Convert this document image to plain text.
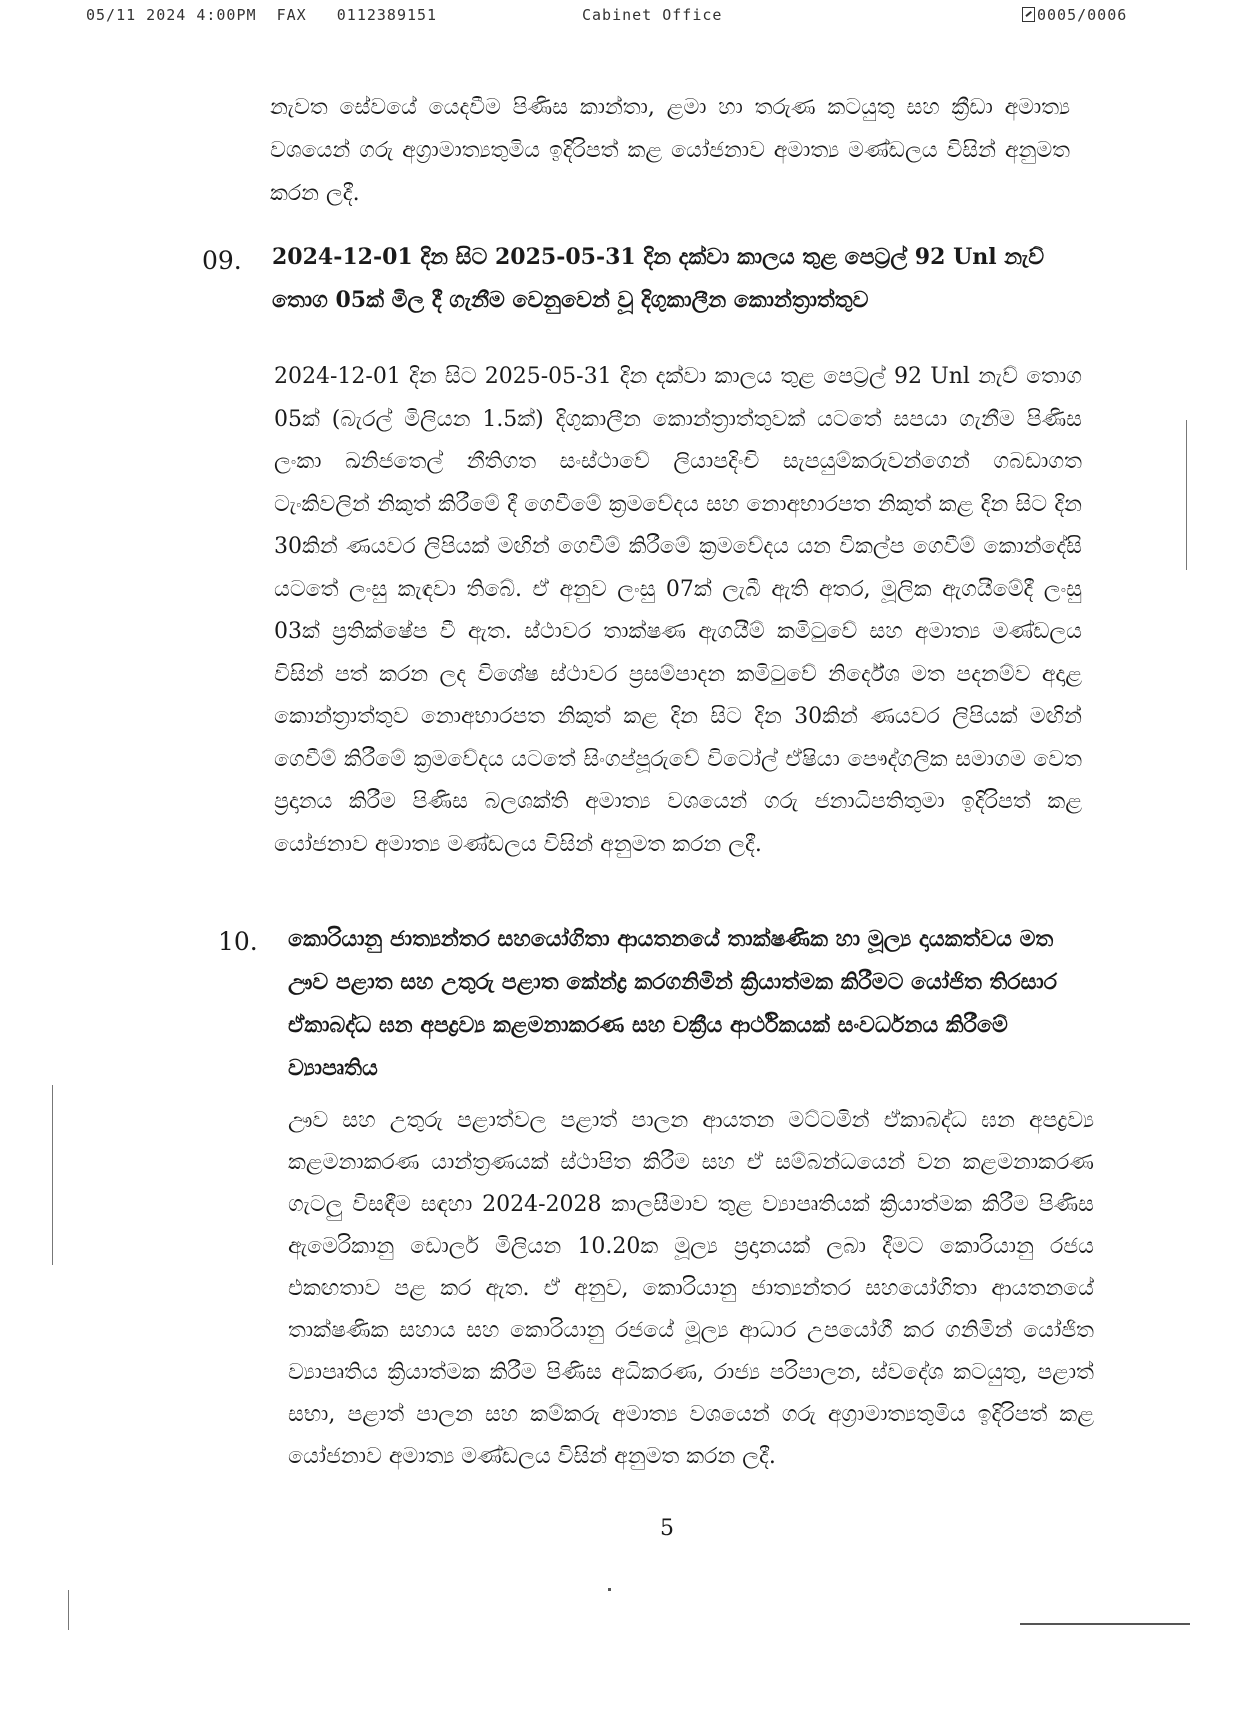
05/11 2024 4:00PM FAX 0112389151	Cabinet Office	0005/0006
නැවත සේවයේ යෙදවීම පිණිස කාන්තා, ළමා හා තරුණ කටයුතු සහ ක්‍රීඩා අමාත්‍ය වශයෙන් ගරු අග්‍රාමාත්‍යතුමිය ඉදිරිපත් කළ යෝජනාව අමාත්‍ය මණ්ඩලය විසින් අනුමත කරන ලදී.
09. 2024-12-01 දින සිට 2025-05-31 දින දක්වා කාලය තුළ පෙට්‍රල් 92 Unl නැව් තොග 05ක් මිල දී ගැනීම වෙනුවෙන් වූ දිගුකාලීන කොන්ත්‍රාත්තුව
2024-12-01 දින සිට 2025-05-31 දින දක්වා කාලය තුළ පෙට්‍රල් 92 Unl නැව් තොග 05ක් (බැරල් මිලියන 1.5ක්) දිගුකාලීන කොන්ත්‍රාත්තුවක් යටතේ සපයා ගැනීම පිණිස ලංකා ඛනිජතෙල් නීතිගත සංස්ථාවේ ලියාපදිංචි සැපයුම්කරුවන්ගෙන් ගබඩාගත ටැංකිවලින් නිකුත් කිරීමේ දී ගෙවීමේ ක්‍රමවේදය සහ නොඅභාරපත නිකුත් කළ දින සිට දින 30කින් ණයවර ලිපියක් මඟින් ගෙවීම් කිරීමේ ක්‍රමවේදය යන විකල්ප ගෙවීම් කොන්දේසි යටතේ ලංසු කැඳවා තිබේ. ඒ අනුව ලංසු 07ක් ලැබී ඇති අතර, මූලික ඇගයීමේදී ලංසු 03ක් ප්‍රතික්ෂේප වී ඇත. ස්ථාවර තාක්ෂණ ඇගයීම් කමිටුවේ සහ අමාත්‍ය මණ්ඩලය විසින් පත් කරන ලද විශේෂ ස්ථාවර ප්‍රසම්පාදන කමිටුවේ නිර්දේශ මත පදනම්ව අදාළ කොන්ත්‍රාත්තුව නොඅභාරපත නිකුත් කළ දින සිට දින 30කින් ණයවර ලිපියක් මඟින් ගෙවීම් කිරීමේ ක්‍රමවේදය යටතේ සිංගප්පූරුවේ විටෝල් ඒෂියා පෞද්ගලික සමාගම වෙත ප්‍රදානය කිරීම පිණිස බලශක්ති අමාත්‍ය වශයෙන් ගරු ජනාධිපතිතුමා ඉදිරිපත් කළ යෝජනාව අමාත්‍ය මණ්ඩලය විසින් අනුමත කරන ලදී.
10. කොරියානු ජාත්‍යන්තර සහයෝගිතා ආයතනයේ තාක්ෂණික හා මූල්‍ය දායකත්වය මත ඌව පළාත සහ උතුරු පළාත කේන්ද්‍ර කරගනිමින් ක්‍රියාත්මක කිරීමට යෝජිත තිරසාර ඒකාබද්ධ ඝන අපද්‍රව්‍ය කළමනාකරණ සහ චක්‍රීය ආර්ථිකයක් සංවර්ධනය කිරීමේ ව්‍යාපෘතිය
ඌව සහ උතුරු පළාත්වල පළාත් පාලන ආයතන මට්ටමින් ඒකාබද්ධ ඝන අපද්‍රව්‍ය කළමනාකරණ යාන්ත්‍රණයක් ස්ථාපිත කිරීම සහ ඒ සම්බන්ධයෙන් වන කළමනාකරණ ගැටලු විසඳීම සඳහා 2024-2028 කාලසීමාව තුළ ව්‍යාපෘතියක් ක්‍රියාත්මක කිරීම පිණිස ඇමෙරිකානු ඩොලර් මිලියන 10.20ක මූල්‍ය ප්‍රදානයක් ලබා දීමට කොරියානු රජය එකඟතාව පළ කර ඇත. ඒ අනුව, කොරියානු ජාත්‍යන්තර සහයෝගිතා ආයතනයේ තාක්ෂණික සහාය සහ කොරියානු රජයේ මූල්‍ය ආධාර උපයෝගී කර ගනිමින් යෝජිත ව්‍යාපෘතිය ක්‍රියාත්මක කිරීම පිණිස අධිකරණ, රාජ්‍ය පරිපාලන, ස්වදේශ කටයුතු, පළාත් සභා, පළාත් පාලන සහ කම්කරු අමාත්‍ය වශයෙන් ගරු අග්‍රාමාත්‍යතුමිය ඉදිරිපත් කළ යෝජනාව අමාත්‍ය මණ්ඩලය විසින් අනුමත කරන ලදී.
5
